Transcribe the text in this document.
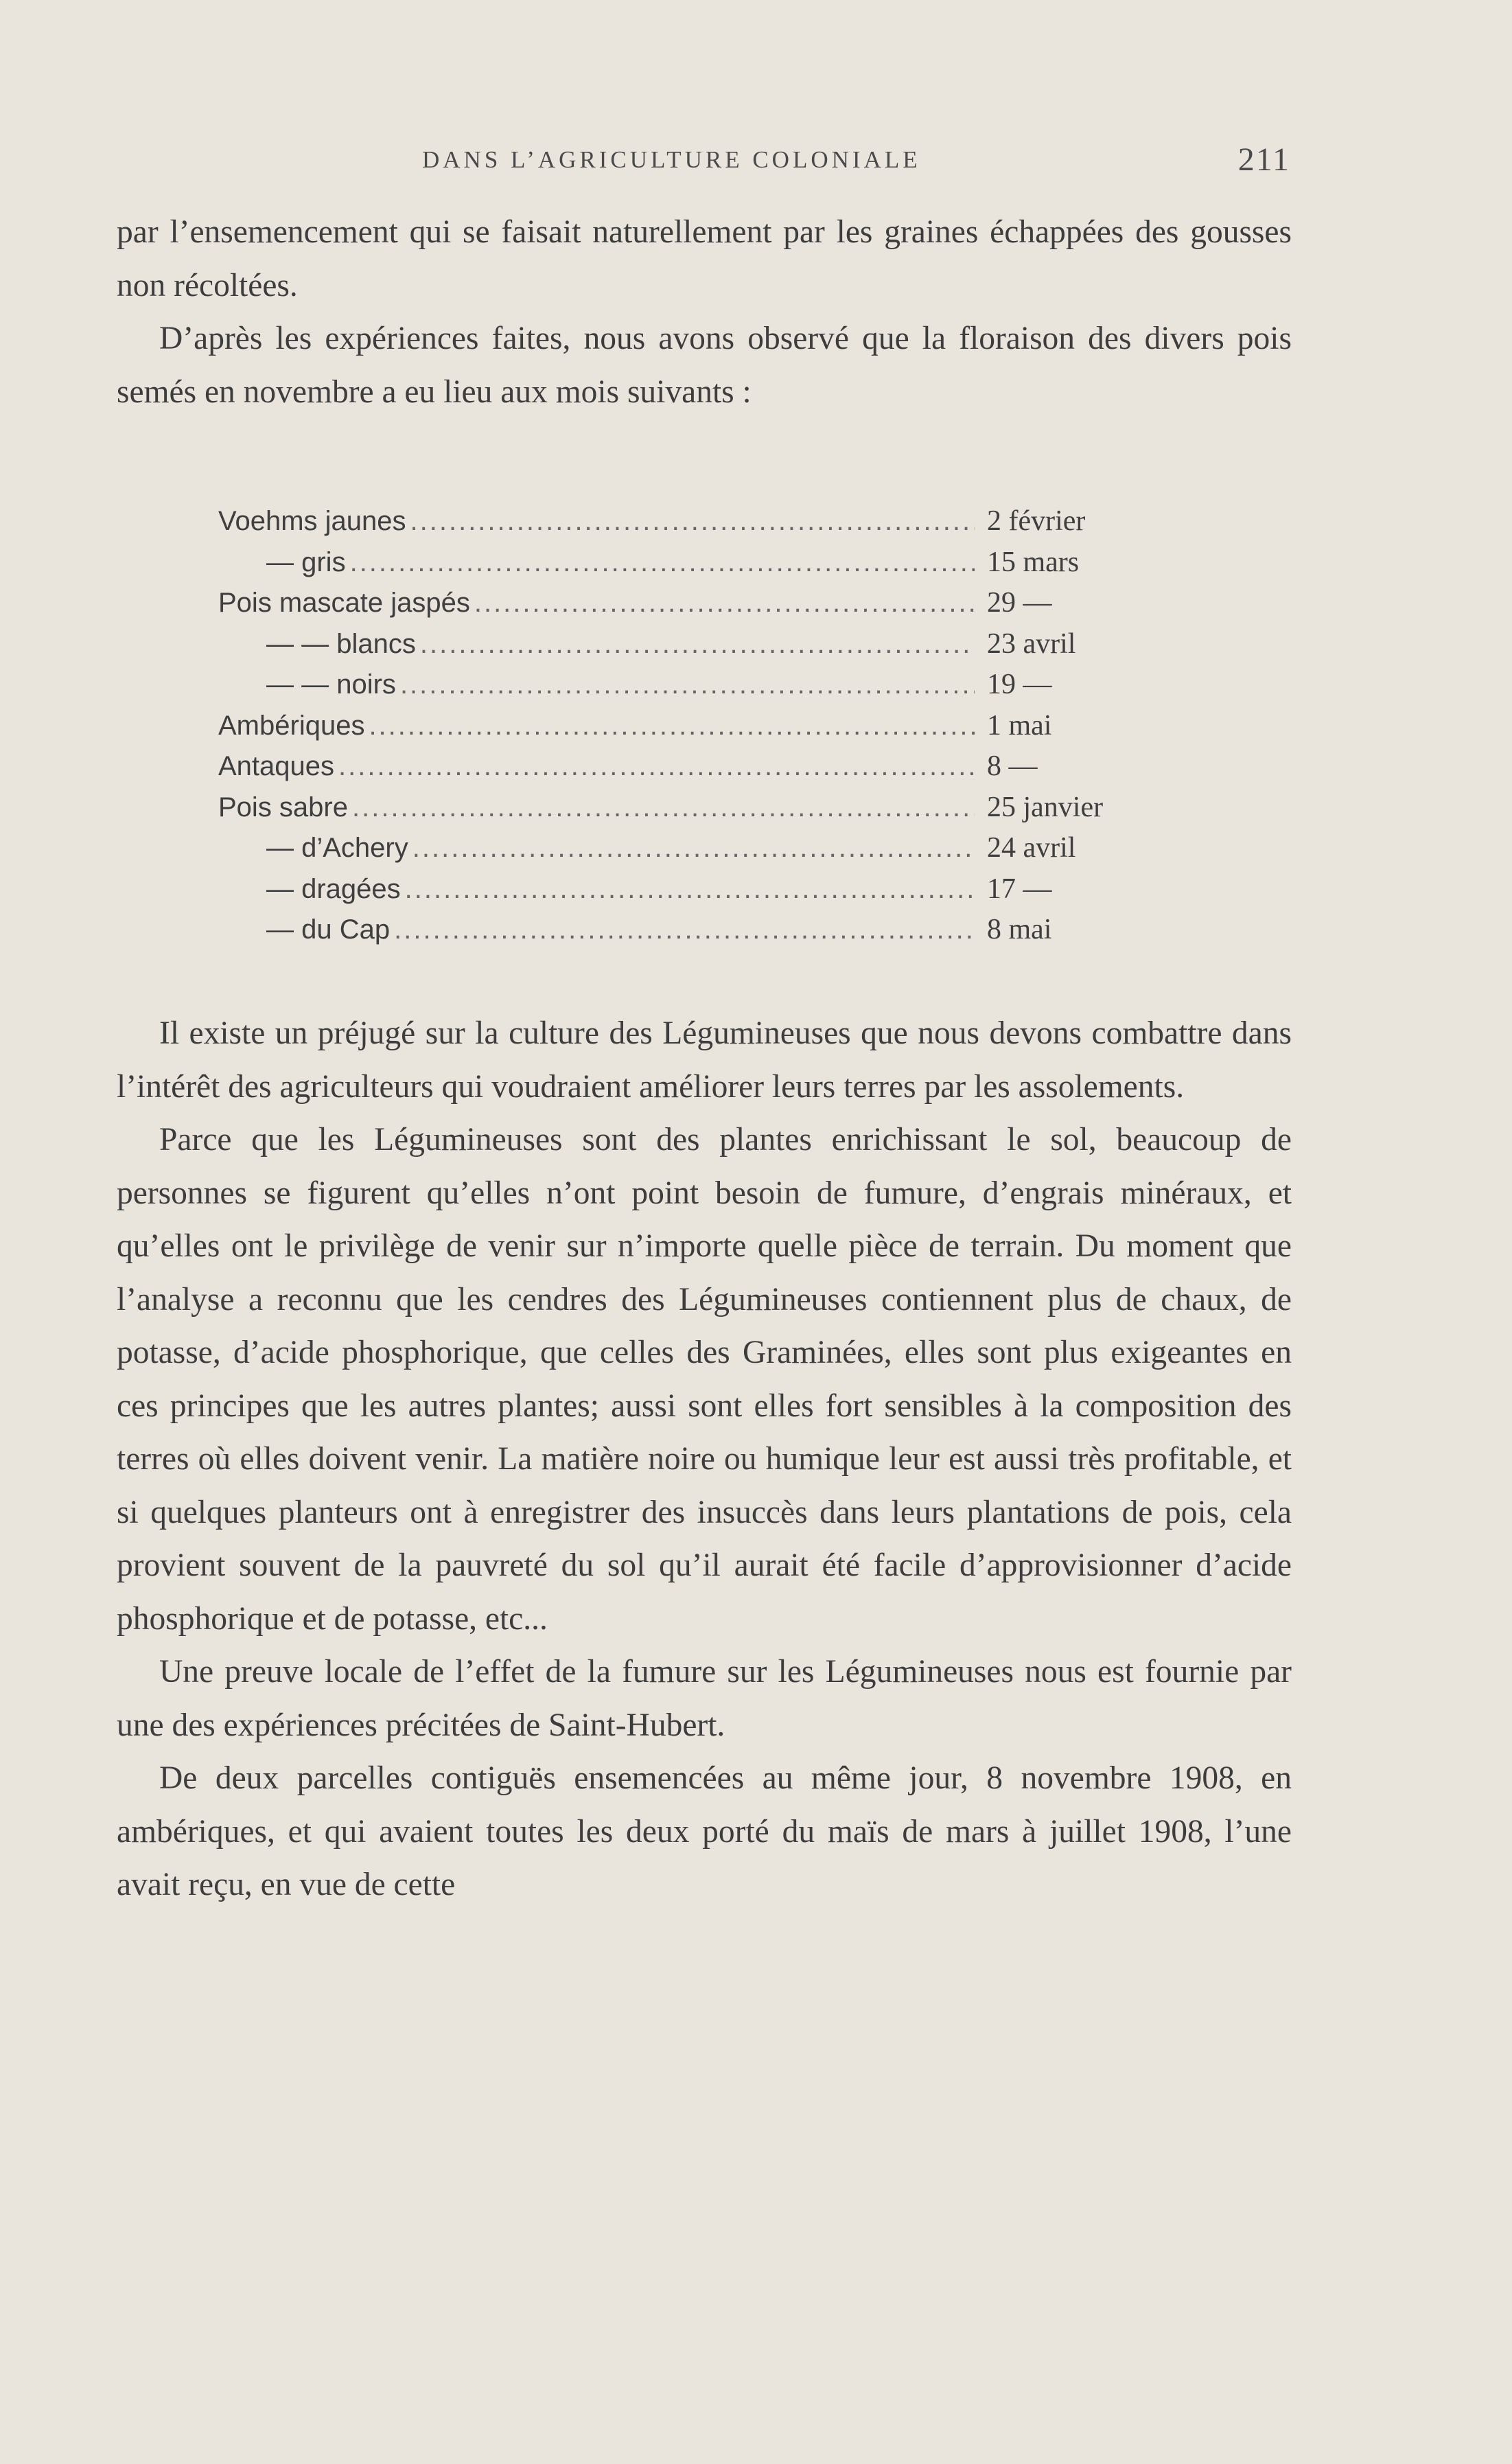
DANS L’AGRICULTURE COLONIALE	211

par l’ensemencement qui se faisait naturellement par les graines échappées des gousses non récoltées.

D’après les expériences faites, nous avons observé que la floraison des divers pois semés en novembre a eu lieu aux mois suivants :

Voehms jaunes .....	2 février
— gris .....	15 mars
Pois mascate jaspés .....	29 —
— — blancs .....	23 avril
— — noirs .....	19 —
Ambériques .....	1 mai
Antaques .....	8 —
Pois sabre .....	25 janvier
— d’Achery .....	24 avril
— dragées .....	17 —
— du Cap .....	8 mai

Il existe un préjugé sur la culture des Légumineuses que nous devons combattre dans l’intérêt des agriculteurs qui voudraient améliorer leurs terres par les assolements.

Parce que les Légumineuses sont des plantes enrichissant le sol, beaucoup de personnes se figurent qu’elles n’ont point besoin de fumure, d’engrais minéraux, et qu’elles ont le privilège de venir sur n’importe quelle pièce de terrain. Du moment que l’analyse a reconnu que les cendres des Légumineuses contiennent plus de chaux, de potasse, d’acide phosphorique, que celles des Graminées, elles sont plus exigeantes en ces principes que les autres plantes; aussi sont elles fort sensibles à la composition des terres où elles doivent venir. La matière noire ou humique leur est aussi très profitable, et si quelques planteurs ont à enregistrer des insuccès dans leurs plantations de pois, cela provient souvent de la pauvreté du sol qu’il aurait été facile d’approvisionner d’acide phosphorique et de potasse, etc...

Une preuve locale de l’effet de la fumure sur les Légumineuses nous est fournie par une des expériences précitées de Saint-Hubert.

De deux parcelles contiguës ensemencées au même jour, 8 novembre 1908, en ambériques, et qui avaient toutes les deux porté du maïs de mars à juillet 1908, l’une avait reçu, en vue de cette
